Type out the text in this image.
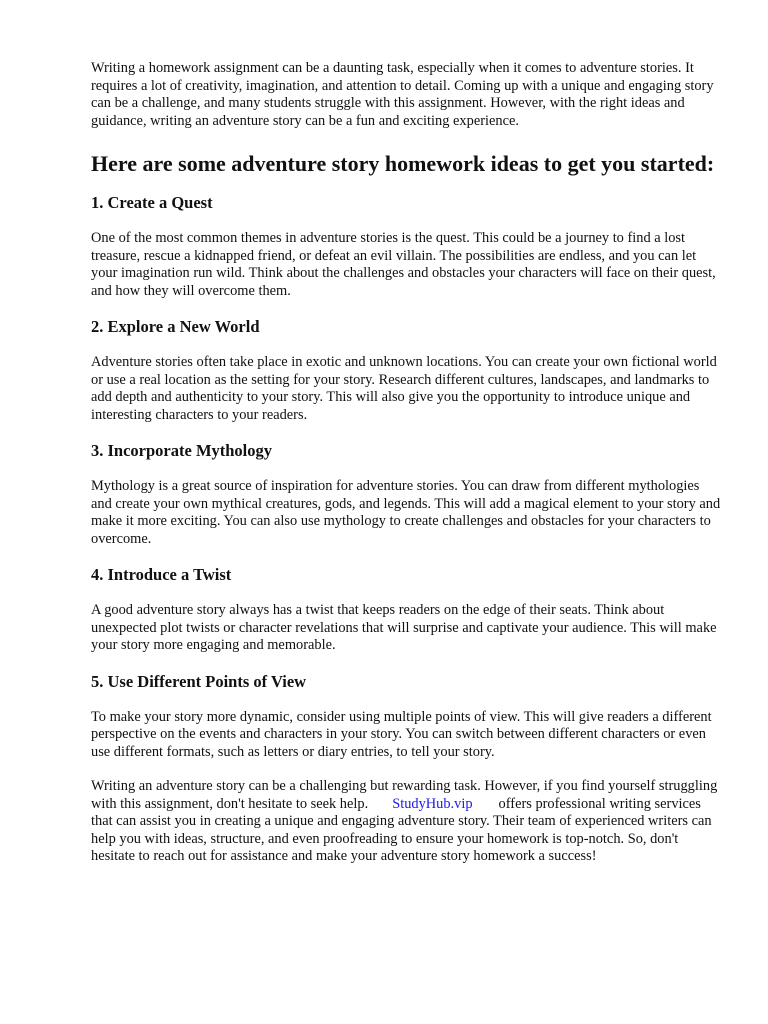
Writing a homework assignment can be a daunting task, especially when it comes to adventure stories. It requires a lot of creativity, imagination, and attention to detail. Coming up with a unique and engaging story can be a challenge, and many students struggle with this assignment. However, with the right ideas and guidance, writing an adventure story can be a fun and exciting experience.

Here are some adventure story homework ideas to get you started:
1. Create a Quest

One of the most common themes in adventure stories is the quest. This could be a journey to find a lost treasure, rescue a kidnapped friend, or defeat an evil villain. The possibilities are endless, and you can let your imagination run wild. Think about the challenges and obstacles your characters will face on their quest, and how they will overcome them.

2. Explore a New World

Adventure stories often take place in exotic and unknown locations. You can create your own fictional world or use a real location as the setting for your story. Research different cultures, landscapes, and landmarks to add depth and authenticity to your story. This will also give you the opportunity to introduce unique and interesting characters to your readers.

3. Incorporate Mythology

Mythology is a great source of inspiration for adventure stories. You can draw from different mythologies and create your own mythical creatures, gods, and legends. This will add a magical element to your story and make it more exciting. You can also use mythology to create challenges and obstacles for your characters to overcome.

4. Introduce a Twist

A good adventure story always has a twist that keeps readers on the edge of their seats. Think about unexpected plot twists or character revelations that will surprise and captivate your audience. This will make your story more engaging and memorable.

5. Use Different Points of View

To make your story more dynamic, consider using multiple points of view. This will give readers a different perspective on the events and characters in your story. You can switch between different characters or even use different formats, such as letters or diary entries, to tell your story.

Writing an adventure story can be a challenging but rewarding task. However, if you find yourself struggling with this assignment, don't hesitate to seek help. StudyHub.vip offers professional writing services that can assist you in creating a unique and engaging adventure story. Their team of experienced writers can help you with ideas, structure, and even proofreading to ensure your homework is top-notch. So, don't hesitate to reach out for assistance and make your adventure story homework a success!
